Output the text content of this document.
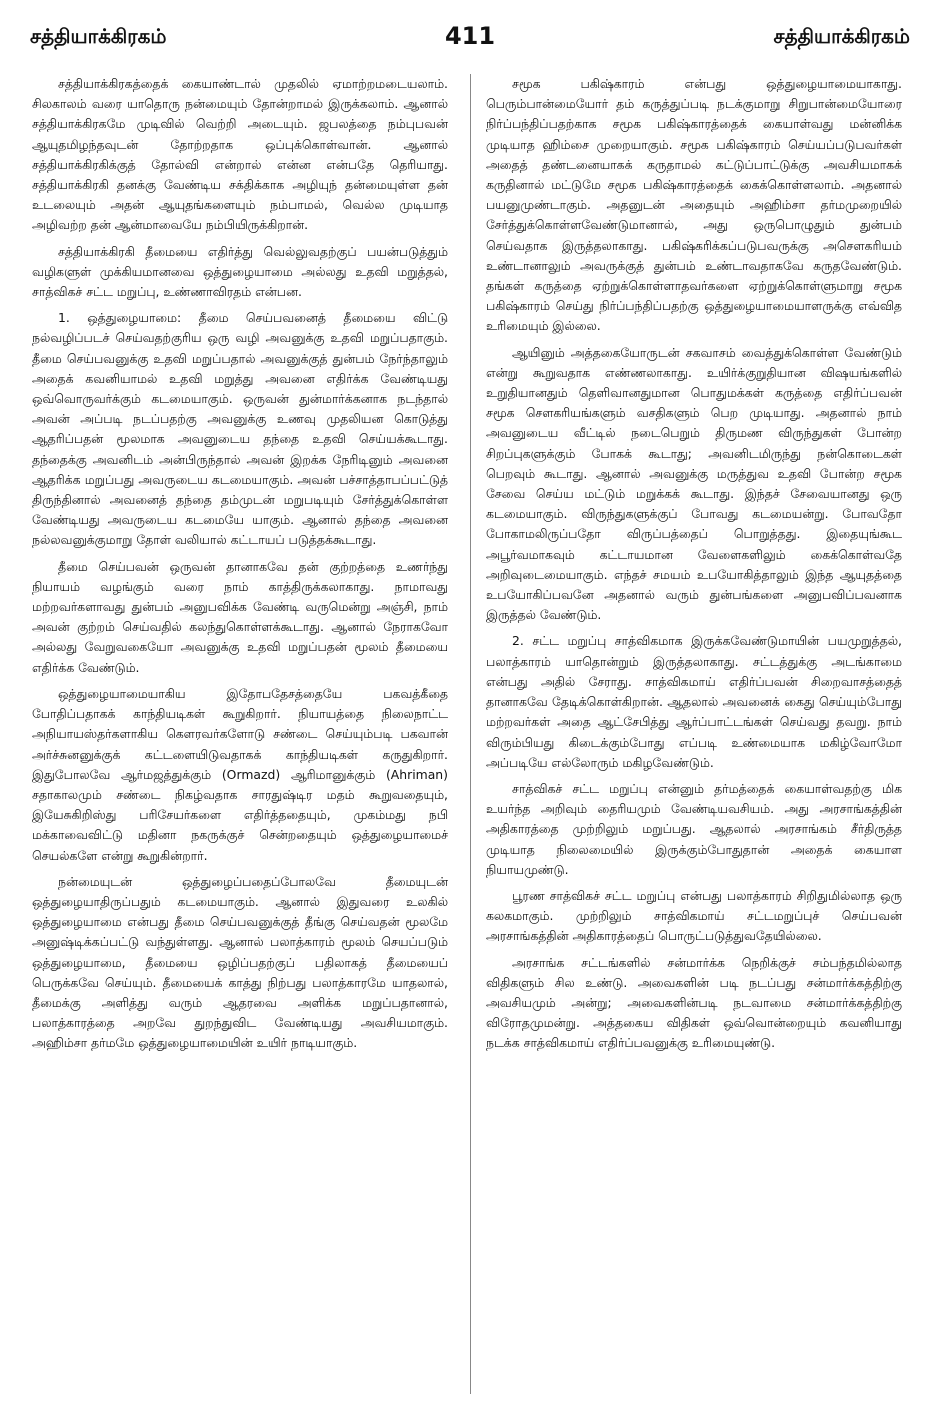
சத்தியாக்கிரகம்	411	சத்தியாக்கிரகம்

சத்தியாக்கிரகத்தைக் கையாண்டால் முதலில் ஏமாற்றமடையலாம். சிலகாலம் வரை யாதொரு நன்மையும் தோன்றாமல் இருக்கலாம். ஆனால் சத்தியாக்கிரகமே முடிவில் வெற்றி அடையும். ஜபலத்தை நம்புபவன் ஆயுதமிழந்தவுடன் தோற்றதாக ஒப்புக்கொள்வான். ஆனால் சத்தியாக்கிரகிக்குத் தோல்வி என்றால் என்ன என்பதே தெரியாது. சத்தியாக்கிரகி தனக்கு வேண்டிய சக்திக்காக அழியுந் தன்மையுள்ள தன் உடலையும் அதன் ஆயுதங்களையும் நம்பாமல், வெல்ல முடியாத அழிவற்ற தன் ஆன்மாவையே நம்பியிருக்கிறான்.

சத்தியாக்கிரகி தீமையை எதிர்த்து வெல்லுவதற்குப் பயன்படுத்தும் வழிகளுள் முக்கியமானவை ஒத்துழையாமை அல்லது உதவி மறுத்தல், சாத்விகச் சட்ட மறுப்பு, உண்ணாவிரதம் என்பன.

1. ஒத்துழையாமை: தீமை செய்பவனைத் தீமையை விட்டு நல்வழிப்படச் செய்வதற்குரிய ஒரு வழி அவனுக்கு உதவி மறுப்பதாகும். தீமை செய்பவனுக்கு உதவி மறுப்பதால் அவனுக்குத் துன்பம் நேர்ந்தாலும் அதைக் கவனியாமல் உதவி மறுத்து அவனை எதிர்க்க வேண்டியது ஒவ்வொருவர்க்கும் கடமையாகும். ஒருவன் துன்மார்க்கனாக நடந்தால் அவன் அப்படி நடப்பதற்கு அவனுக்கு உணவு முதலியன கொடுத்து ஆதரிப்பதன் மூலமாக அவனுடைய தந்தை உதவி செய்யக்கூடாது. தந்தைக்கு அவனிடம் அன்பிருந்தால் அவன் இறக்க நேரிடினும் அவனை ஆதரிக்க மறுப்பது அவருடைய கடமையாகும். அவன் பச்சாத்தாபப்பட்டுத் திருந்தினால் அவனைத் தந்தை தம்முடன் மறுபடியும் சேர்த்துக்கொள்ள வேண்டியது அவருடைய கடமையே யாகும். ஆனால் தந்தை அவனை நல்லவனுக்குமாறு தோள் வலியால் கட்டாயப் படுத்தக்கூடாது.

தீமை செய்பவன் ஒருவன் தானாகவே தன் குற்றத்தை உணர்ந்து நியாயம் வழங்கும் வரை நாம் காத்திருக்கலாகாது. நாமாவது மற்றவர்களாவது துன்பம் அனுபவிக்க வேண்டி வருமென்று அஞ்சி, நாம் அவன் குற்றம் செய்வதில் கலந்துகொள்ளக்கூடாது. ஆனால் நேராகவோ அல்லது வேறுவகையோ அவனுக்கு உதவி மறுப்பதன் மூலம் தீமையை எதிர்க்க வேண்டும்.

ஒத்துழையாமையாகிய இதோபதேசத்தையே பகவத்கீதை போதிப்பதாகக் காந்தியடிகள் கூறுகிறார். நியாயத்தை நிலைநாட்ட அநியாயஸ்தர்களாகிய கௌரவர்களோடு சண்டை செய்யும்படி பகவான் அர்ச்சுனனுக்குக் கட்டளையிடுவதாகக் காந்தியடிகள் கருதுகிறார். இதுபோலவே ஆர்மஜத்துக்கும் (Ormazd) ஆரிமானுக்கும் (Ahriman) சதாகாலமும் சண்டை நிகழ்வதாக சாரதுஷ்டிர மதம் கூறுவதையும், இயேசுகிறிஸ்து பரிசேயர்களை எதிர்த்ததையும், முகம்மது நபி மக்காவைவிட்டு மதினா நகருக்குச் சென்றதையும் ஒத்துழையாமைச் செயல்களே என்று கூறுகின்றார்.

நன்மையுடன் ஒத்துழைப்பதைப்போலவே தீமையுடன் ஒத்துழையாதிருப்பதும் கடமையாகும். ஆனால் இதுவரை உலகில் ஒத்துழையாமை என்பது தீமை செய்பவனுக்குத் தீங்கு செய்வதன் மூலமே அனுஷ்டிக்கப்பட்டு வந்துள்ளது. ஆனால் பலாத்காரம் மூலம் செயப்படும் ஒத்துழையாமை, தீமையை ஒழிப்பதற்குப் பதிலாகத் தீமையைப் பெருக்கவே செய்யும். தீமையைக் காத்து நிற்பது பலாத்காரமே யாதலால், தீமைக்கு அளித்து வரும் ஆதரவை அளிக்க மறுப்பதானால், பலாத்காரத்தை அறவே துறந்துவிட வேண்டியது அவசியமாகும். அஹிம்சா தர்மமே ஒத்துழையாமையின் உயிர் நாடியாகும்.

சமூக பகிஷ்காரம் என்பது ஒத்துழையாமையாகாது. பெரும்பான்மையோர் தம் கருத்துப்படி நடக்குமாறு சிறுபான்மையோரை நிர்ப்பந்திப்பதற்காக சமூக பகிஷ்காரத்தைக் கையாள்வது மன்னிக்க முடியாத ஹிம்சை முறையாகும். சமூக பகிஷ்காரம் செய்யப்படுபவர்கள் அதைத் தண்டனையாகக் கருதாமல் கட்டுப்பாட்டுக்கு அவசியமாகக் கருதினால் மட்டுமே சமூக பகிஷ்காரத்தைக் கைக்கொள்ளலாம். அதனால் பயனுமுண்டாகும். அதனுடன் அதையும் அஹிம்சா தர்மமுறையில் சேர்த்துக்கொள்ளவேண்டுமானால், அது ஒருபொழுதும் துன்பம் செய்வதாக இருத்தலாகாது. பகிஷ்கரிக்கப்படுபவருக்கு அசௌகரியம் உண்டானாலும் அவருக்குத் துன்பம் உண்டாவதாகவே கருதவேண்டும். தங்கள் கருத்தை ஏற்றுக்கொள்ளாதவர்களை ஏற்றுக்கொள்ளுமாறு சமூக பகிஷ்காரம் செய்து நிர்ப்பந்திப்பதற்கு ஒத்துழையாமையாளருக்கு எவ்வித உரிமையும் இல்லை.

ஆயினும் அத்தகையோருடன் சகவாசம் வைத்துக்கொள்ள வேண்டும் என்று கூறுவதாக எண்ணலாகாது. உயிர்க்குறுதியான விஷயங்களில் உறுதியானதும் தெளிவானதுமான பொதுமக்கள் கருத்தை எதிர்ப்பவன் சமூக சௌகரியங்களும் வசதிகளும் பெற முடியாது. அதனால் நாம் அவனுடைய வீட்டில் நடைபெறும் திருமண விருந்துகள் போன்ற சிறப்புகளுக்கும் போகக் கூடாது; அவனிடமிருந்து நன்கொடைகள் பெறவும் கூடாது. ஆனால் அவனுக்கு மருத்துவ உதவி போன்ற சமூக சேவை செய்ய மட்டும் மறுக்கக் கூடாது. இந்தச் சேவையானது ஒரு கடமையாகும். விருந்துகளுக்குப் போவது கடமையன்று. போவதோ போகாமலிருப்பதோ விருப்பத்தைப் பொறுத்தது. இதையுங்கூட அபூர்வமாகவும் கட்டாயமான வேளைகளிலும் கைக்கொள்வதே அறிவுடைமையாகும். எந்தச் சமயம் உபயோகித்தாலும் இந்த ஆயுதத்தை உபயோகிப்பவனே அதனால் வரும் துன்பங்களை அனுபவிப்பவனாக இருத்தல் வேண்டும்.

2. சட்ட மறுப்பு சாத்விகமாக இருக்கவேண்டுமாயின் பயமுறுத்தல், பலாத்காரம் யாதொன்றும் இருத்தலாகாது. சட்டத்துக்கு அடங்காமை என்பது அதில் சேராது. சாத்விகமாய் எதிர்ப்பவன் சிறைவாசத்தைத் தானாகவே தேடிக்கொள்கிறான். ஆதலால் அவனைக் கைது செய்யும்போது மற்றவர்கள் அதை ஆட்சேபித்து ஆர்ப்பாட்டங்கள் செய்வது தவறு. நாம் விரும்பியது கிடைக்கும்போது எப்படி உண்மையாக மகிழ்வோமோ அப்படியே எல்லோரும் மகிழவேண்டும்.

சாத்விகச் சட்ட மறுப்பு என்னும் தர்மத்தைக் கையாள்வதற்கு மிக உயர்ந்த அறிவும் தைரியமும் வேண்டியவசியம். அது அரசாங்கத்தின் அதிகாரத்தை முற்றிலும் மறுப்பது. ஆதலால் அரசாங்கம் சீர்திருத்த முடியாத நிலைமையில் இருக்கும்போதுதான் அதைக் கையாள நியாயமுண்டு.

பூரண சாத்விகச் சட்ட மறுப்பு என்பது பலாத்காரம் சிறிதுமில்லாத ஒரு கலகமாகும். முற்றிலும் சாத்விகமாய் சட்டமறுப்புச் செய்பவன் அரசாங்கத்தின் அதிகாரத்தைப் பொருட்படுத்துவதேயில்லை.

அரசாங்க சட்டங்களில் சன்மார்க்க நெறிக்குச் சம்பந்தமில்லாத விதிகளும் சில உண்டு. அவைகளின் படி நடப்பது சன்மார்க்கத்திற்கு அவசியமும் அன்று; அவைகளின்படி நடவாமை சன்மார்க்கத்திற்கு விரோதமுமன்று. அத்தகைய விதிகள் ஒவ்வொன்றையும் கவனியாது நடக்க சாத்விகமாய் எதிர்ப்பவனுக்கு உரிமையுண்டு.
